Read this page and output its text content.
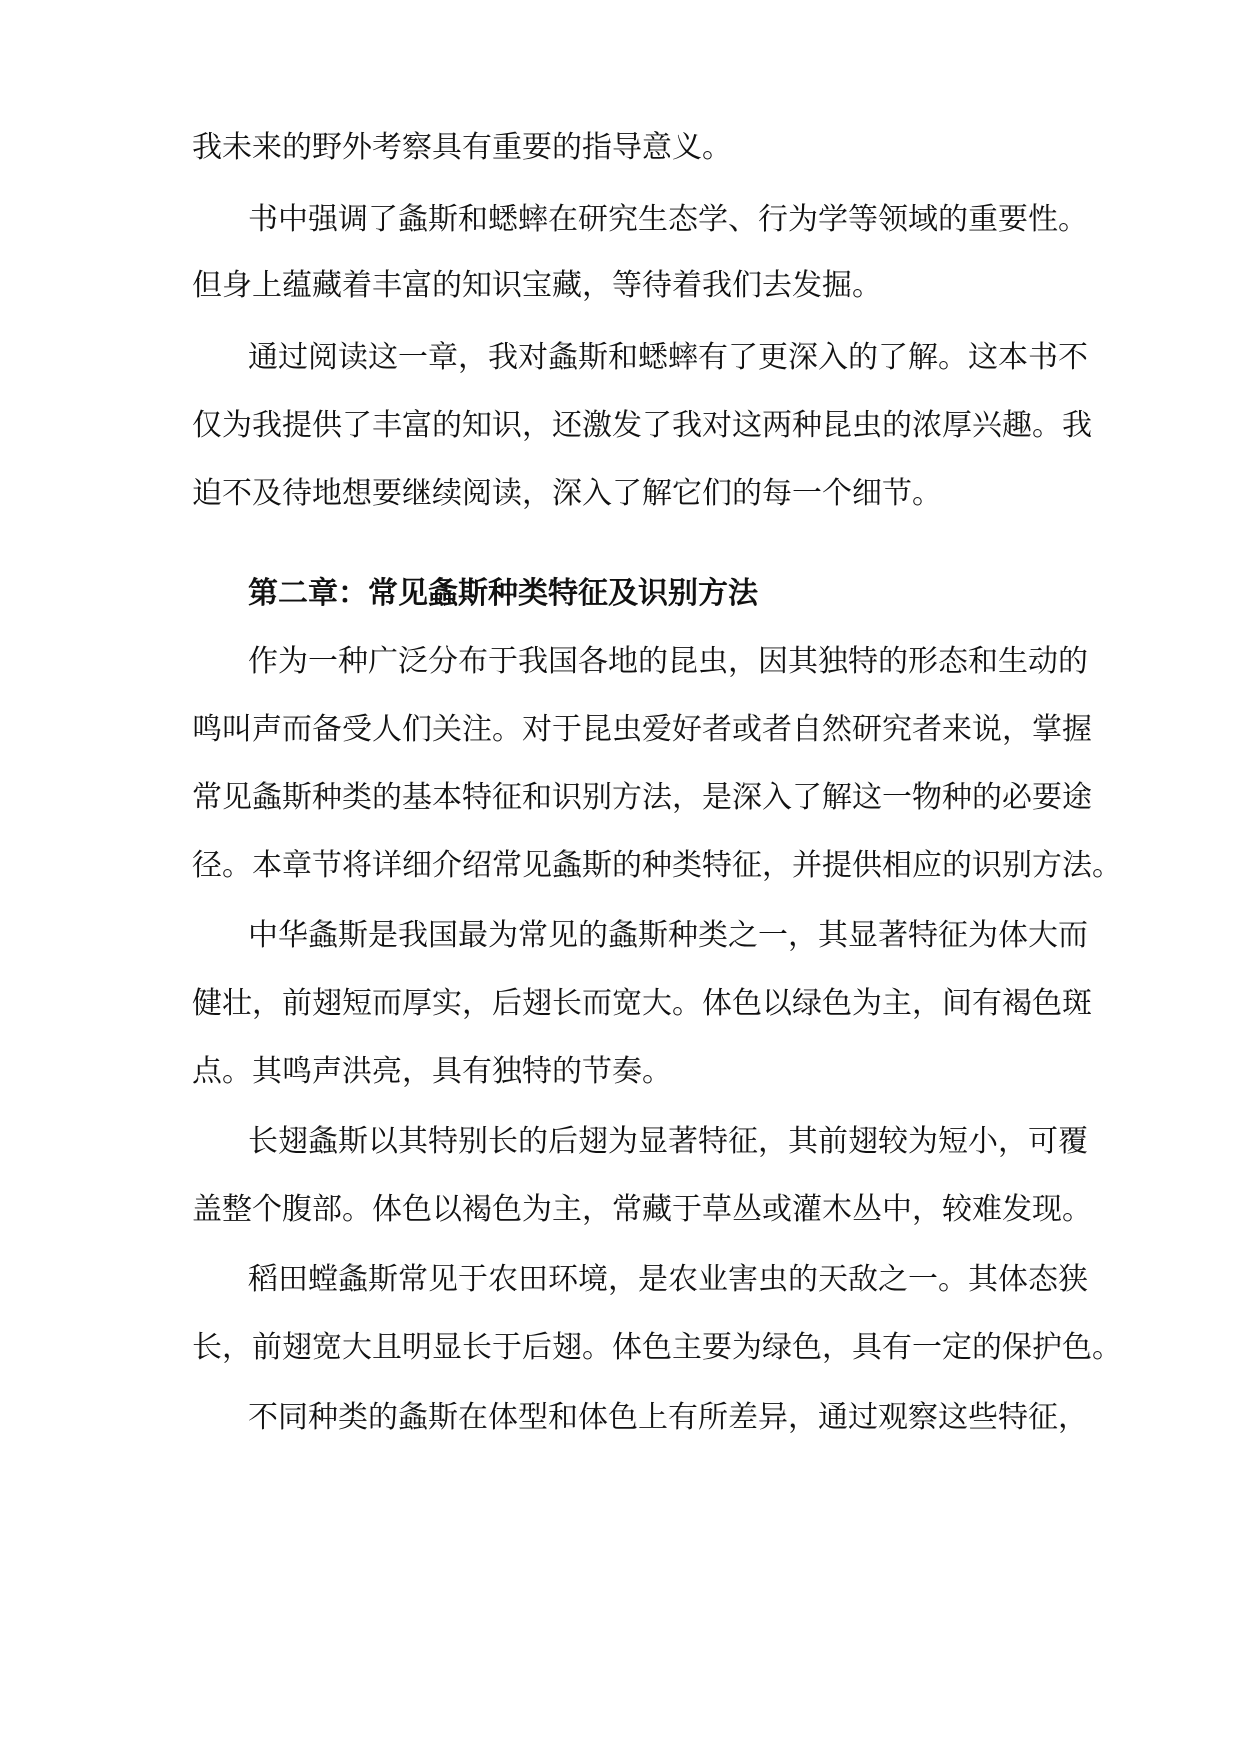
我未来的野外考察具有重要的指导意义。
书中强调了螽斯和蟋蟀在研究生态学、行为学等领域的重要性。
但身上蕴藏着丰富的知识宝藏，等待着我们去发掘。
通过阅读这一章，我对螽斯和蟋蟀有了更深入的了解。这本书不
仅为我提供了丰富的知识，还激发了我对这两种昆虫的浓厚兴趣。我
迫不及待地想要继续阅读，深入了解它们的每一个细节。
第二章：常见螽斯种类特征及识别方法
作为一种广泛分布于我国各地的昆虫，因其独特的形态和生动的
鸣叫声而备受人们关注。对于昆虫爱好者或者自然研究者来说，掌握
常见螽斯种类的基本特征和识别方法，是深入了解这一物种的必要途
径。本章节将详细介绍常见螽斯的种类特征，并提供相应的识别方法。
中华螽斯是我国最为常见的螽斯种类之一，其显著特征为体大而
健壮，前翅短而厚实，后翅长而宽大。体色以绿色为主，间有褐色斑
点。其鸣声洪亮，具有独特的节奏。
长翅螽斯以其特别长的后翅为显著特征，其前翅较为短小，可覆
盖整个腹部。体色以褐色为主，常藏于草丛或灌木丛中，较难发现。
稻田螳螽斯常见于农田环境，是农业害虫的天敌之一。其体态狭
长，前翅宽大且明显长于后翅。体色主要为绿色，具有一定的保护色。
不同种类的螽斯在体型和体色上有所差异，通过观察这些特征，
